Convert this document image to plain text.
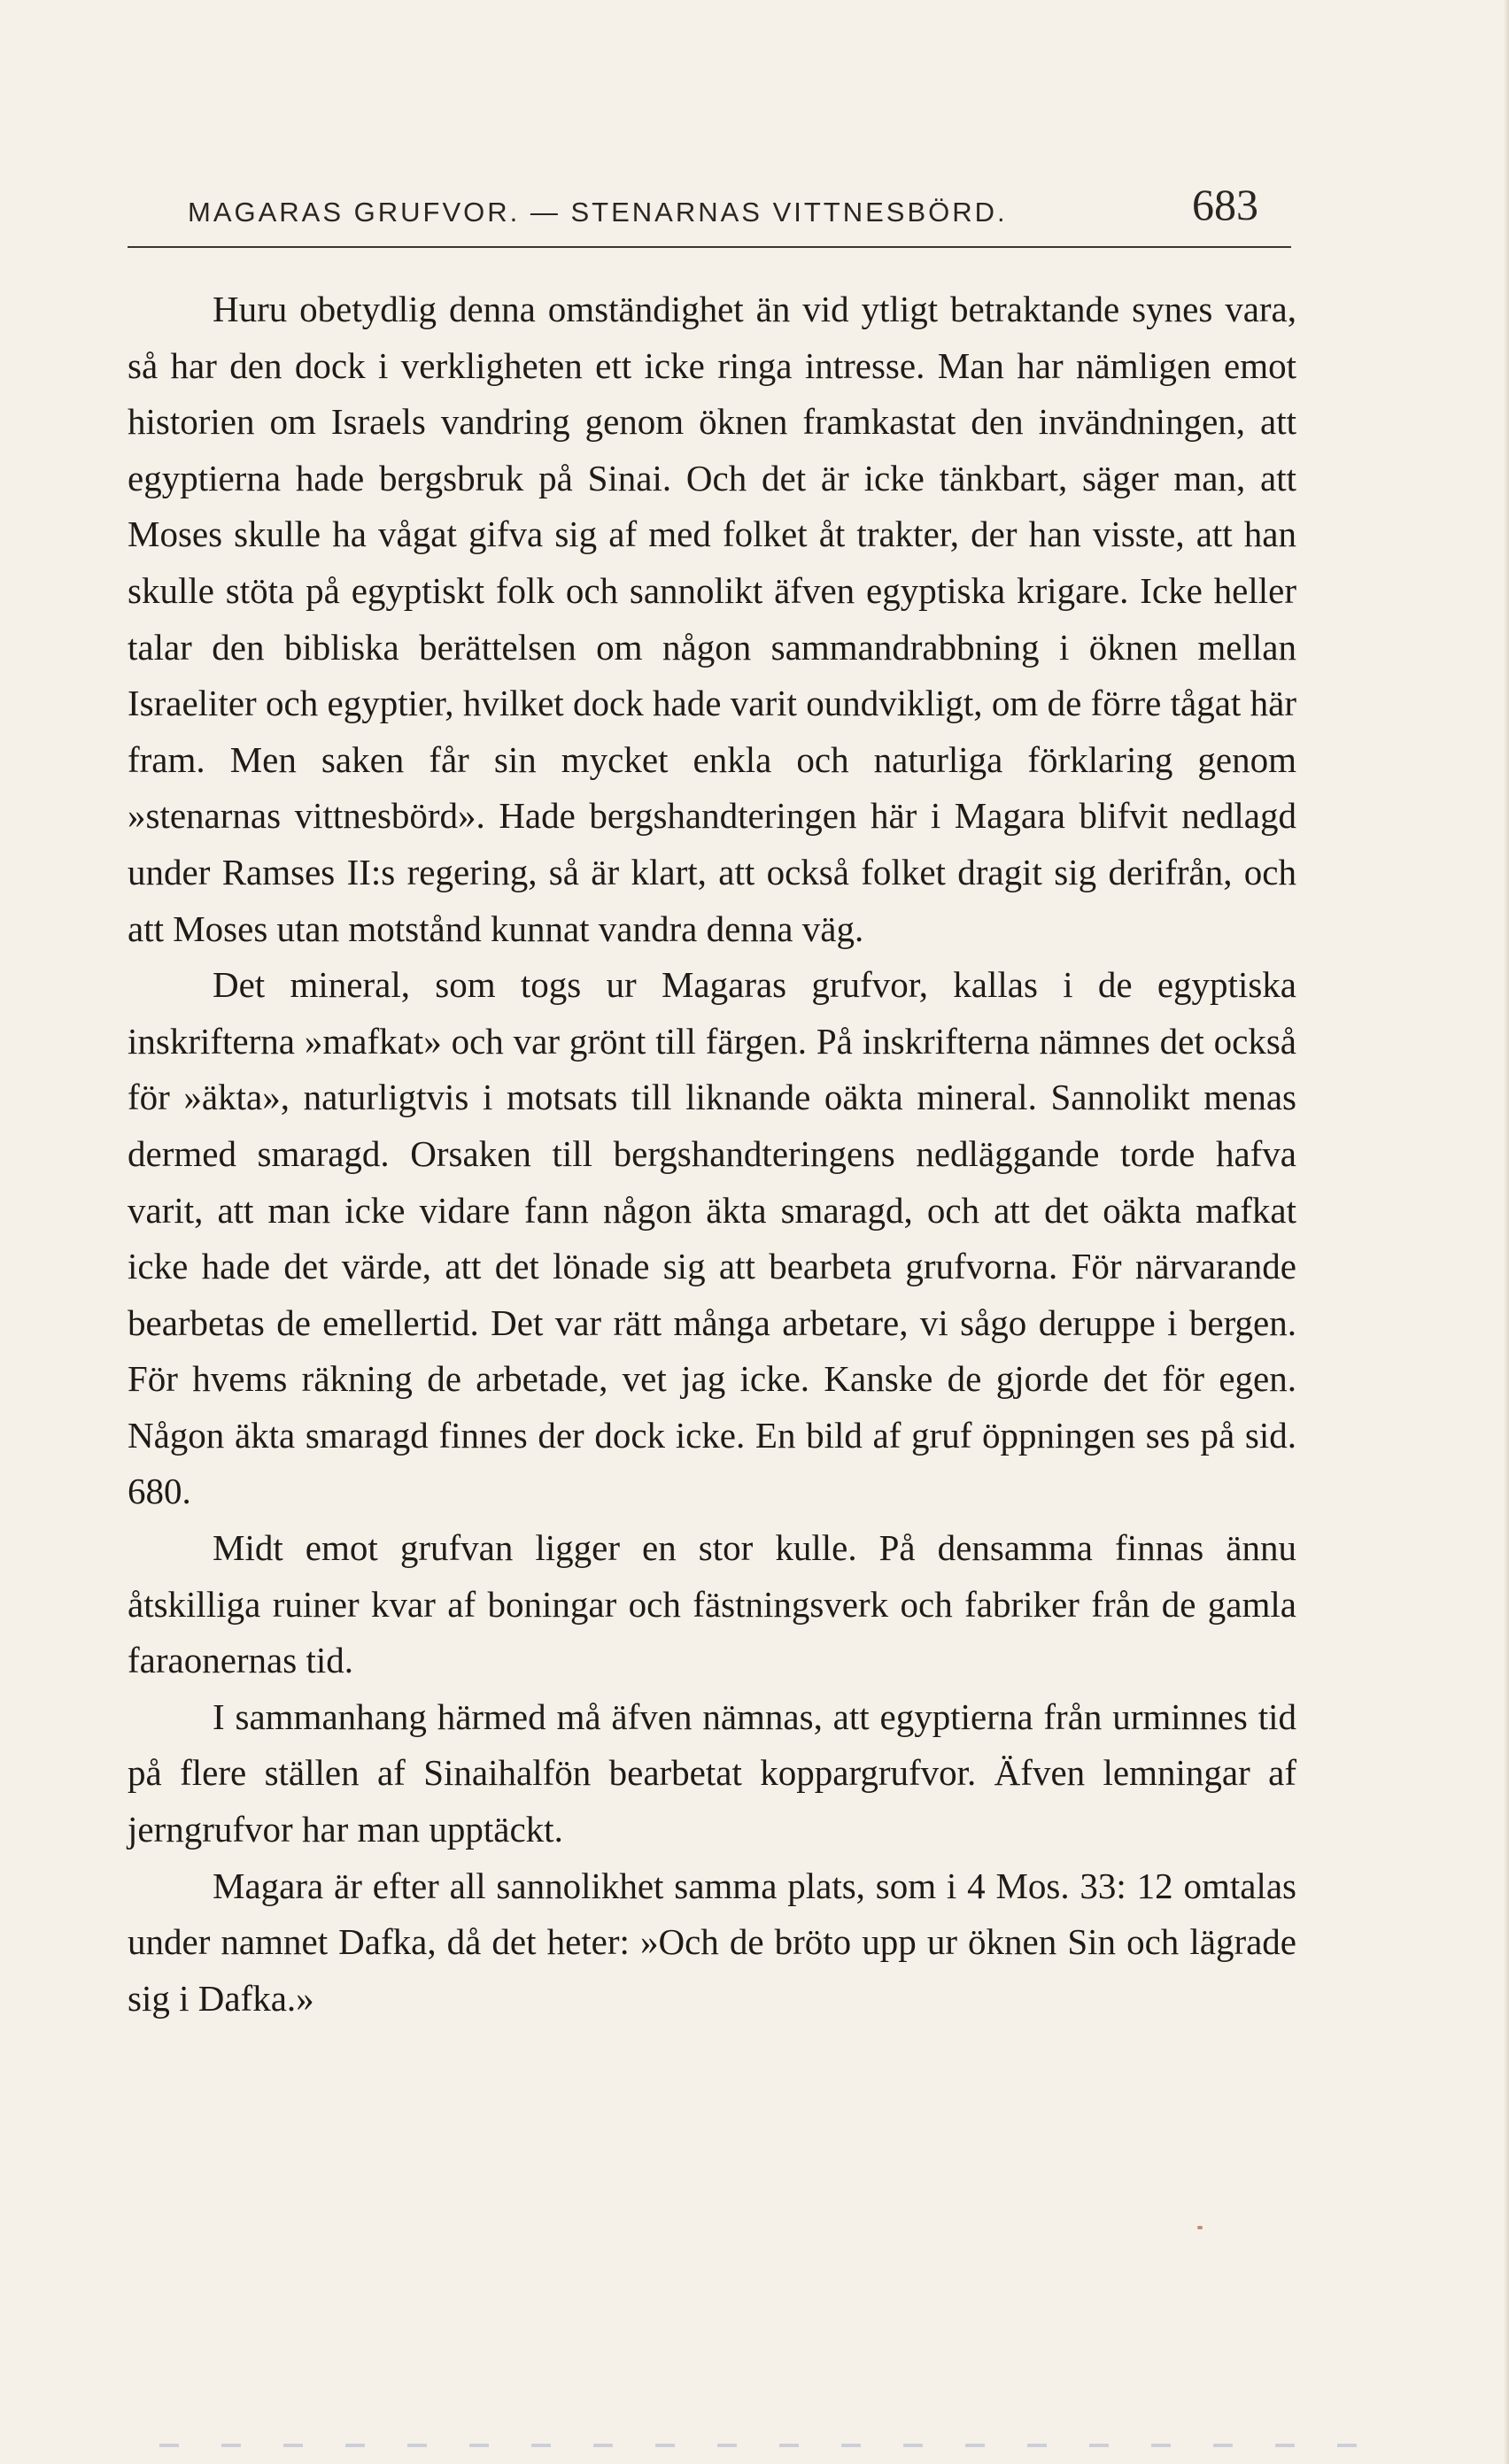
MAGARAS GRUFVOR. — STENARNAS VITTNESBÖRD.	683

Huru obetydlig denna omständighet än vid ytligt betraktande synes vara, så har den dock i verkligheten ett icke ringa intresse. Man har nämligen emot historien om Israels vandring genom öknen framkastat den invändningen, att egyptierna hade bergsbruk på Sinai. Och det är icke tänkbart, säger man, att Moses skulle ha vågat gifva sig af med folket åt trakter, der han visste, att han skulle stöta på egyptiskt folk och sannolikt äfven egyptiska krigare. Icke heller talar den bibliska berättelsen om någon sammandrabbning i öknen mellan Israeliter och egyptier, hvilket dock hade varit oundvikligt, om de förre tågat här fram. Men saken får sin mycket enkla och naturliga förklaring genom »stenarnas vittnesbörd». Hade bergshandteringen här i Magara blifvit nedlagd under Ramses II:s regering, så är klart, att också folket dragit sig derifrån, och att Moses utan motstånd kunnat vandra denna väg.

Det mineral, som togs ur Magaras grufvor, kallas i de egyptiska inskrifterna »mafkat» och var grönt till färgen. På inskrifterna nämnes det också för »äkta», naturligtvis i motsats till liknande oäkta mineral. Sannolikt menas dermed smaragd. Orsaken till bergshandteringens nedläggande torde hafva varit, att man icke vidare fann någon äkta smaragd, och att det oäkta mafkat icke hade det värde, att det lönade sig att bearbeta grufvorna. För närvarande bearbetas de emellertid. Det var rätt många arbetare, vi sågo deruppe i bergen. För hvems räkning de arbetade, vet jag icke. Kanske de gjorde det för egen. Någon äkta smaragd finnes der dock icke. En bild af gruf öppningen ses på sid. 680.

Midt emot grufvan ligger en stor kulle. På densamma finnas ännu åtskilliga ruiner kvar af boningar och fästningsverk och fabriker från de gamla faraonernas tid.

I sammanhang härmed må äfven nämnas, att egyptierna från urminnes tid på flere ställen af Sinaihalfön bearbetat koppargrufvor. Äfven lemningar af jerngrufvor har man upptäckt.

Magara är efter all sannolikhet samma plats, som i 4 Mos. 33: 12 omtalas under namnet Dafka, då det heter: »Och de bröto upp ur öknen Sin och lägrade sig i Dafka.»
